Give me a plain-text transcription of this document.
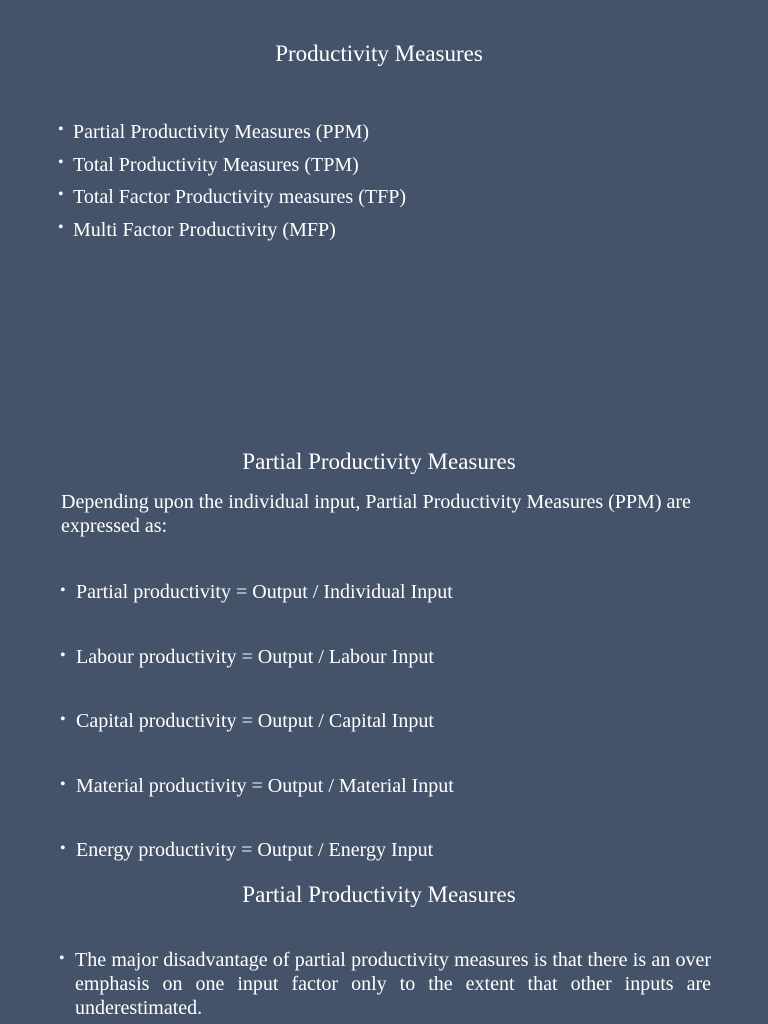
Productivity Measures
• Partial Productivity Measures (PPM)
• Total Productivity Measures (TPM)
• Total Factor Productivity measures (TFP)
• Multi Factor Productivity (MFP)
Partial Productivity Measures

Depending upon the individual input, Partial Productivity Measures (PPM) are expressed as:

• Partial productivity = Output / Individual Input
• Labour productivity = Output / Labour Input
• Capital productivity = Output / Capital Input
• Material productivity = Output / Material Input
• Energy productivity = Output / Energy Input
Partial Productivity Measures
• The major disadvantage of partial productivity measures is that there is an over emphasis on one input factor only to the extent that other inputs are underestimated.
